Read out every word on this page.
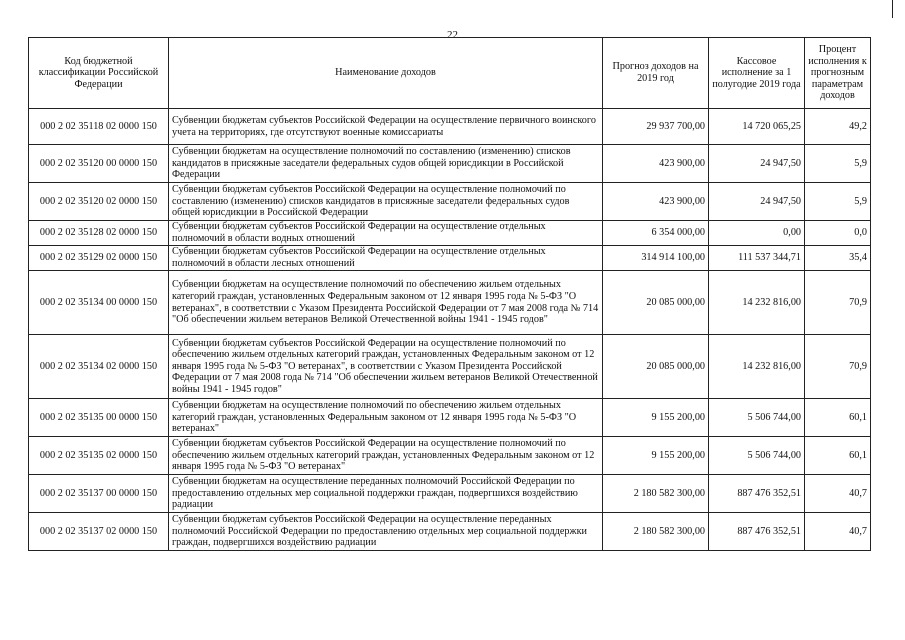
22
Код бюджетной классификации Российской Федерации	Наименование доходов	Прогноз доходов на 2019 год	Кассовое исполнение за 1 полугодие 2019 года	Процент исполнения к прогнозным параметрам доходов
000 2 02 35118 02 0000 150	Субвенции бюджетам субъектов Российской Федерации на осуществление первичного воинского учета на территориях, где отсутствуют военные комиссариаты	29 937 700,00	14 720 065,25	49,2
000 2 02 35120 00 0000 150	Субвенции бюджетам на осуществление полномочий по составлению (изменению) списков кандидатов в присяжные заседатели федеральных судов общей юрисдикции в Российской Федерации	423 900,00	24 947,50	5,9
000 2 02 35120 02 0000 150	Субвенции бюджетам субъектов Российской Федерации на осуществление полномочий по составлению (изменению) списков кандидатов в присяжные заседатели федеральных судов общей юрисдикции в Российской Федерации	423 900,00	24 947,50	5,9
000 2 02 35128 02 0000 150	Субвенции бюджетам субъектов Российской Федерации на осуществление отдельных полномочий в области водных отношений	6 354 000,00	0,00	0,0
000 2 02 35129 02 0000 150	Субвенции бюджетам субъектов Российской Федерации на осуществление отдельных полномочий в области лесных отношений	314 914 100,00	111 537 344,71	35,4
000 2 02 35134 00 0000 150	Субвенции бюджетам на осуществление полномочий по обеспечению жильем отдельных категорий граждан, установленных Федеральным законом от 12 января 1995 года № 5-ФЗ "О ветеранах", в соответствии с Указом Президента Российской Федерации от 7 мая 2008 года № 714 "Об обеспечении жильем ветеранов Великой Отечественной войны 1941 - 1945 годов"	20 085 000,00	14 232 816,00	70,9
000 2 02 35134 02 0000 150	Субвенции бюджетам субъектов Российской Федерации на осуществление полномочий по обеспечению жильем отдельных категорий граждан, установленных Федеральным законом от 12 января 1995 года № 5-ФЗ "О ветеранах", в соответствии с Указом Президента Российской Федерации от 7 мая 2008 года № 714 "Об обеспечении жильем ветеранов Великой Отечественной войны 1941 - 1945 годов"	20 085 000,00	14 232 816,00	70,9
000 2 02 35135 00 0000 150	Субвенции бюджетам на осуществление полномочий по обеспечению жильем отдельных категорий граждан, установленных Федеральным законом от 12 января 1995 года № 5-ФЗ "О ветеранах"	9 155 200,00	5 506 744,00	60,1
000 2 02 35135 02 0000 150	Субвенции бюджетам субъектов Российской Федерации на осуществление полномочий по обеспечению жильем отдельных категорий граждан, установленных Федеральным законом от 12 января 1995 года № 5-ФЗ "О ветеранах"	9 155 200,00	5 506 744,00	60,1
000 2 02 35137 00 0000 150	Субвенции бюджетам на осуществление переданных полномочий Российской Федерации по предоставлению отдельных мер социальной поддержки граждан, подвергшихся воздействию радиации	2 180 582 300,00	887 476 352,51	40,7
000 2 02 35137 02 0000 150	Субвенции бюджетам субъектов Российской Федерации на осуществление переданных полномочий Российской Федерации по предоставлению отдельных мер социальной поддержки граждан, подвергшихся воздействию радиации	2 180 582 300,00	887 476 352,51	40,7
